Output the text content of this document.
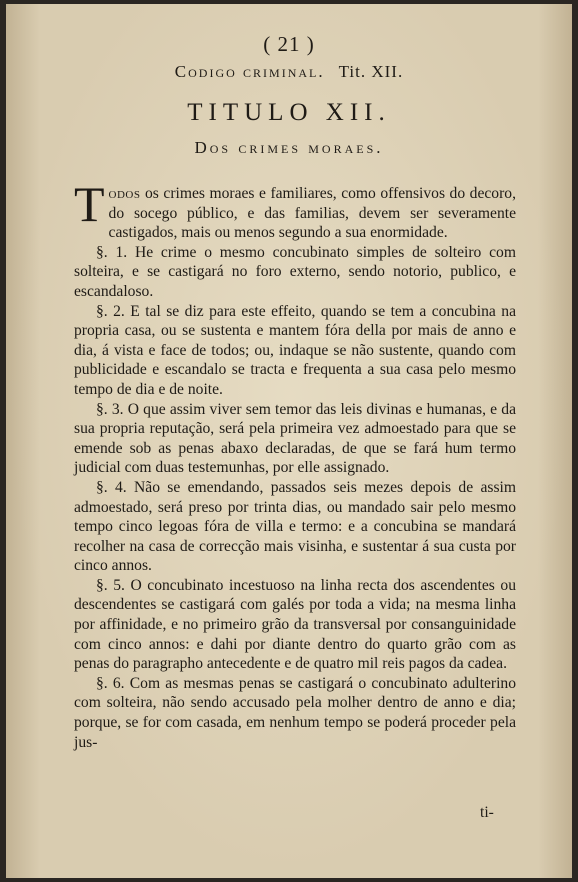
( 21 )
Codigo criminal. Tit. XII.
TITULO XII.
Dos crimes moraes.

Todos os crimes moraes e familiares, como offensivos do decoro, do socego público, e das familias, devem ser severamente castigados, mais ou menos segundo a sua enormidade.

§. 1. He crime o mesmo concubinato simples de solteiro com solteira, e se castigará no foro externo, sendo notorio, publico, e escandaloso.

§. 2. E tal se diz para este effeito, quando se tem a concubina na propria casa, ou se sustenta e mantem fóra della por mais de anno e dia, á vista e face de todos; ou, indaque se não sustente, quando com publicidade e escandalo se tracta e frequenta a sua casa pelo mesmo tempo de dia e de noite.

§. 3. O que assim viver sem temor das leis divinas e humanas, e da sua propria reputação, será pela primeira vez admoestado para que se emende sob as penas abaxo declaradas, de que se fará hum termo judicial com duas testemunhas, por elle assignado.

§. 4. Não se emendando, passados seis mezes depois de assim admoestado, será preso por trinta dias, ou mandado sair pelo mesmo tempo cinco legoas fóra de villa e termo: e a concubina se mandará recolher na casa de correcção mais visinha, e sustentar á sua custa por cinco annos.

§. 5. O concubinato incestuoso na linha recta dos ascendentes ou descendentes se castigará com galés por toda a vida; na mesma linha por affinidade, e no primeiro grão da transversal por consanguinidade com cinco annos: e dahi por diante dentro do quarto grão com as penas do paragrapho antecedente e de quatro mil reis pagos da cadea.

§. 6. Com as mesmas penas se castigará o concubinato adulterino com solteira, não sendo accusado pela molher dentro de anno e dia; porque, se for com casada, em nenhum tempo se poderá proceder pela jus-

ti-
